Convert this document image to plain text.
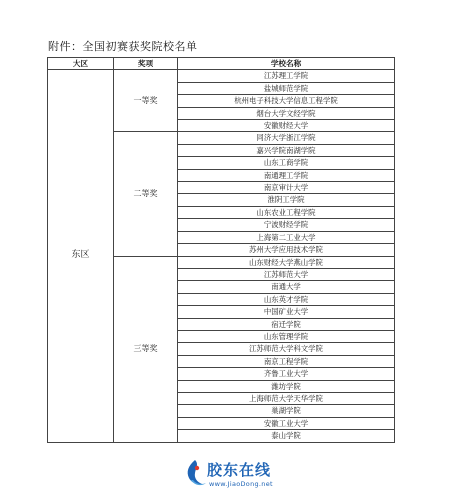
附件：全国初赛获奖院校名单
大区	奖项	学校名称
东区	一等奖	江苏理工学院
		盐城师范学院
		杭州电子科技大学信息工程学院
		烟台大学文经学院
		安徽财经大学
	二等奖	同济大学浙江学院
		嘉兴学院南湖学院
		山东工商学院
		南通理工学院
		南京审计大学
		淮阴工学院
		山东农业工程学院
		宁波财经学院
		上海第二工业大学
		苏州大学应用技术学院
	三等奖	山东财经大学燕山学院
		江苏师范大学
		南通大学
		山东英才学院
		中国矿业大学
		宿迁学院
		山东管理学院
		江苏师范大学科文学院
		南京工程学院
		齐鲁工业大学
		潍坊学院
		上海师范大学天华学院
		巢湖学院
		安徽工业大学
		泰山学院
胶东在线
www.JiaoDong.net
